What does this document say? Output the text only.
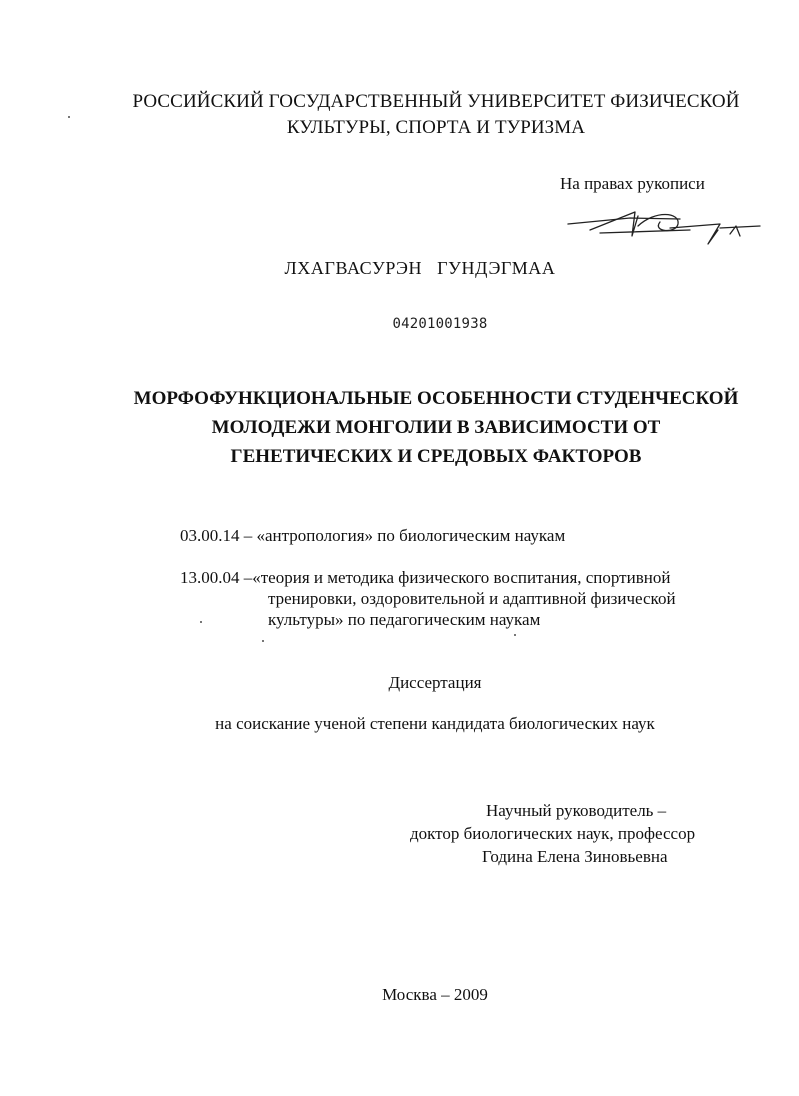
РОССИЙСКИЙ ГОСУДАРСТВЕННЫЙ УНИВЕРСИТЕТ ФИЗИЧЕСКОЙ
КУЛЬТУРЫ, СПОРТА И ТУРИЗМА
На правах рукописи
ЛХАГВАСУРЭН ГУНДЭГМАА
04201001938
МОРФОФУНКЦИОНАЛЬНЫЕ ОСОБЕННОСТИ СТУДЕНЧЕСКОЙ
МОЛОДЕЖИ МОНГОЛИИ В ЗАВИСИМОСТИ ОТ
ГЕНЕТИЧЕСКИХ И СРЕДОВЫХ ФАКТОРОВ
03.00.14 – «антропология» по биологическим наукам
13.00.04 –«теория и методика физического воспитания, спортивной
тренировки, оздоровительной и адаптивной физической
культуры» по педагогическим наукам
Диссертация
на соискание ученой степени кандидата биологических наук
Научный руководитель –
доктор биологических наук, профессор
Година Елена Зиновьевна
Москва – 2009
